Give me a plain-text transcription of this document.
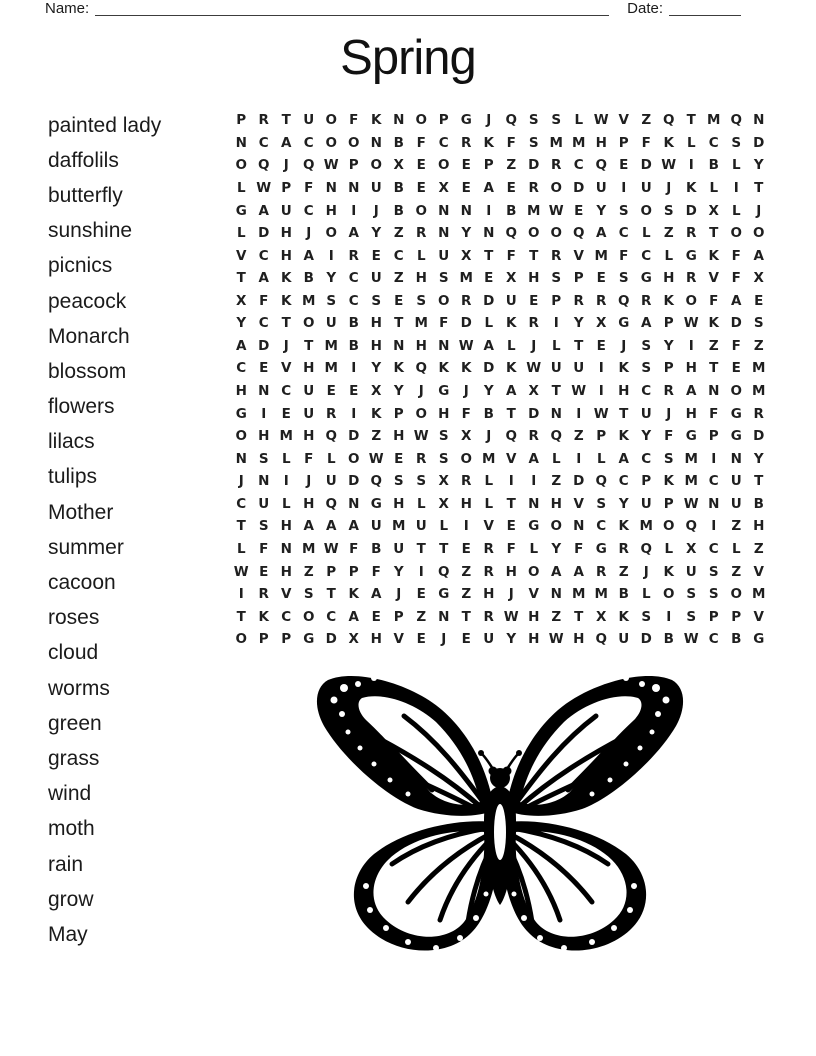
Name:	Date:
Spring
painted lady
daffolils
butterfly
sunshine
picnics
peacock
Monarch
blossom
flowers
lilacs
tulips
Mother
summer
cacoon
roses
cloud
worms
green
grass
wind
moth
rain
grow
May
P R T U O F K N O P G	J	Q S S L W V Z Q T M Q N
N C A C O O N B F C R K F S M M H P F K L C S D
O Q	J	Q W P O X E O E P Z D R C Q E D W I	B L Y
L W P F N N U B E X E A E R O D U	I	U	J	K L	I	T
G A U C H	I	J	B O N N	I	B M W E Y S O S D X L	J
L D H	J	O A Y Z R N Y N Q O O Q A C L Z R T O O
V C H A	I	R E C L U X T F T R V M F C L G K F A
T A K B Y C U Z H S M E X H S P E S G H R V F X
X F K M S C S E S O R D U E P R R Q R K O F A E
Y C T O U B H T M F D L K R	I	Y X G A P W K D S
A D	J	T M B H N H N W A L	J	L	T E	J	S Y	I	Z F Z
C E V H M I	Y K Q K K D K W U U	I	K S P H T E M
H N C U E E X Y	J	G	J	Y A X T W I	H C R A N O M
G	I	E U R	I	K P O H F B T D N	I W T U	J	H F G R
O H M H Q D Z H W S X	J	Q R Q Z P K Y F G P G D
N S L	F	L O W E R S O M V A L	I	L A C S M I	N Y
J	N	I	J	U D Q S S X R L	I	I	Z D Q C P K M C U T
C U L H Q N G H L X H L	T N H V S Y U P W N U B
T S H A A A U M U L	I	V E G O N C K M O Q	I	Z H
L	F N M W F B U T T E R F	L Y F G R Q L X C L Z
W E H Z P P F Y	I	Q Z R H O A A R Z	J	K U S Z V
I	R V S T K A	J	E G Z H	J	V N M M B L O S S O M
T K C O C A E P Z N T R W H Z T X K S	I	S P P V
O P P G D X H V E	J	E U Y H W H Q U D B W C B G
